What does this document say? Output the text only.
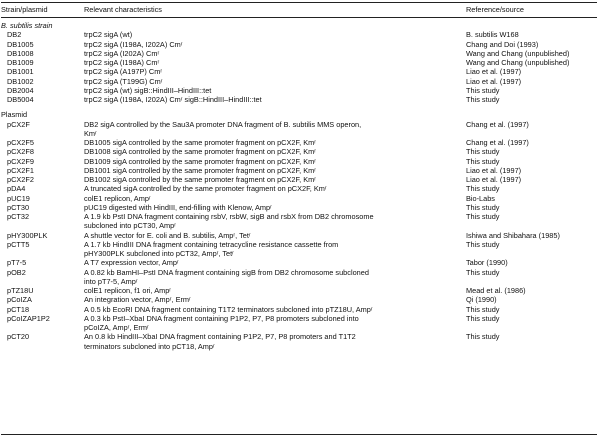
Strain/plasmid	Relevant characteristics	Reference/source
B. subtilis strain
DB2	trpC2 sigA (wt)	B. subtilis W168
DB1005	trpC2 sigA (I198A, I202A) Cmʳ	Chang and Doi (1993)
DB1008	trpC2 sigA (I202A) Cmʳ	Wang and Chang (unpublished)
DB1009	trpC2 sigA (I198A) Cmʳ	Wang and Chang (unpublished)
DB1001	trpC2 sigA (A197P) Cmʳ	Liao et al. (1997)
DB1002	trpC2 sigA (T199G) Cmʳ	Liao et al. (1997)
DB2004	trpC2 sigA (wt) sigB::HindIII–HindIII::tet	This study
DB5004	trpC2 sigA (I198A, I202A) Cmʳ sigB::HindIII–HindIII::tet	This study
Plasmid
pCX2F	DB2 sigA controlled by the Sau3A promoter DNA fragment of B. subtilis MMS operon,	Chang et al. (1997)
Kmʳ
pCX2F5	DB1005 sigA controlled by the same promoter fragment on pCX2F, Kmʳ	Chang et al. (1997)
pCX2F8	DB1008 sigA controlled by the same promoter fragment on pCX2F, Kmʳ	This study
pCX2F9	DB1009 sigA controlled by the same promoter fragment on pCX2F, Kmʳ	This study
pCX2F1	DB1001 sigA controlled by the same promoter fragment on pCX2F, Kmʳ	Liao et al. (1997)
pCX2F2	DB1002 sigA controlled by the same promoter fragment on pCX2F, Kmʳ	Liao et al. (1997)
pDA4	A truncated sigA controlled by the same promoter fragment on pCX2F, Kmʳ	This study
pUC19	colE1 replicon, Ampʳ	Bio-Labs
pCT30	pUC19 digested with HindIII, end-filling with Klenow, Ampʳ	This study
pCT32	A 1.9 kb PstI DNA fragment containing rsbV, rsbW, sigB and rsbX from DB2 chromosome	This study
subcloned into pCT30, Ampʳ
pHY300PLK	A shuttle vector for E. coli and B. subtilis, Ampʳ, Tetʳ	Ishiwa and Shibahara (1985)
pCTT5	A 1.7 kb HindIII DNA fragment containing tetracycline resistance cassette from	This study
pHY300PLK subcloned into pCT32, Ampʳ, Tetʳ
pT7-5	A T7 expression vector, Ampʳ	Tabor (1990)
pOB2	A 0.82 kb BamHI–PstI DNA fragment containing sigB from DB2 chromosome subcloned	This study
into pT7-5, Ampʳ
pTZ18U	colE1 replicon, f1 ori, Ampʳ	Mead et al. (1986)
pCoIZA	An integration vector, Ampʳ, Ermʳ	Qi (1990)
pCT18	A 0.5 kb EcoRI DNA fragment containing T1T2 terminators subcloned into pTZ18U, Ampʳ	This study
pCoIZAP1P2	A 0.3 kb PstI–XbaI DNA fragment containing P1P2, P7, P8 promoters subcloned into	This study
pCoIZA, Ampʳ, Ermʳ
pCT20	An 0.8 kb HindIII–XbaI DNA fragment containing P1P2, P7, P8 promoters and T1T2	This study
terminators subcloned into pCT18, Ampʳ
